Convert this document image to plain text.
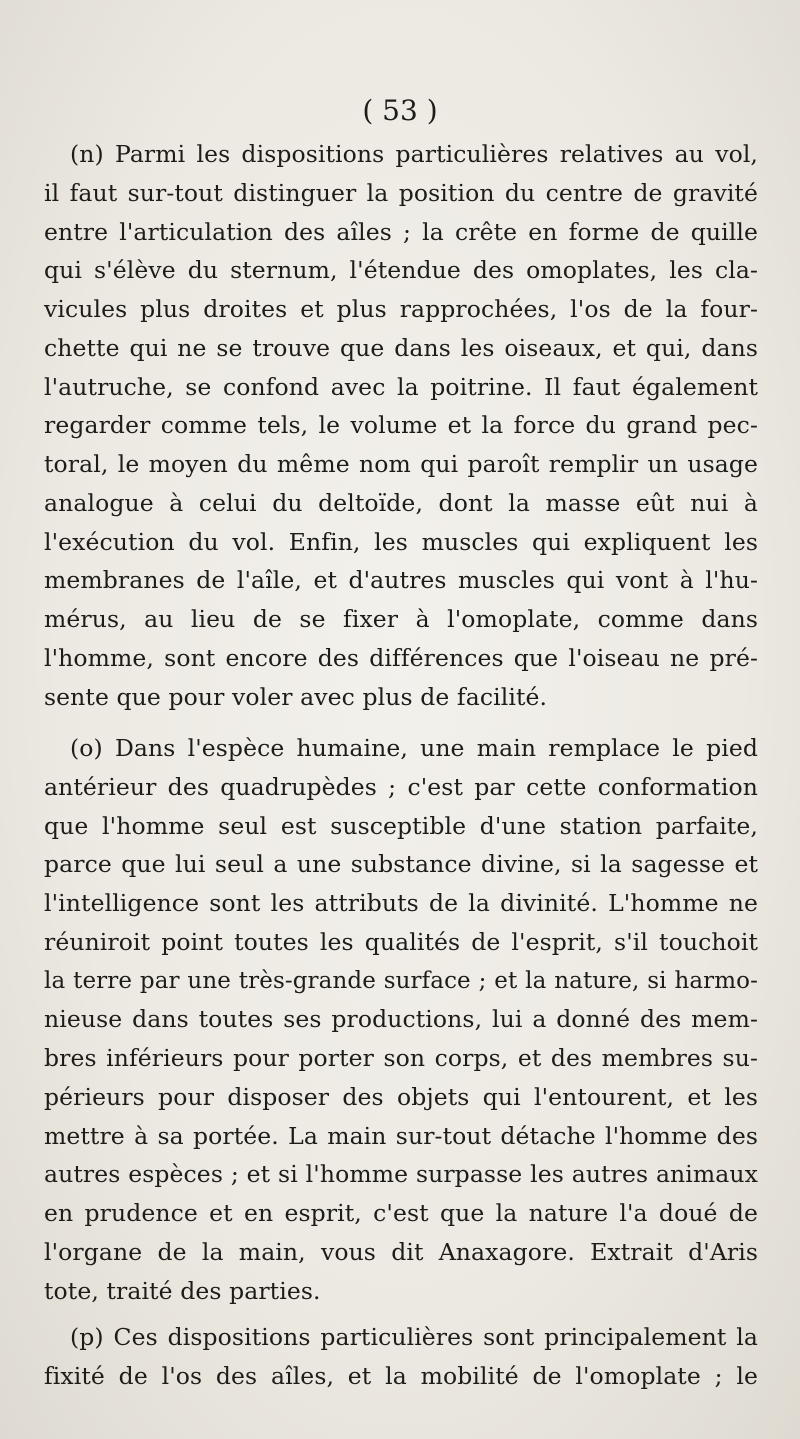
( 53 )
(n) Parmi les dispositions particulières relatives au vol,
il faut sur-tout distinguer la position du centre de gravité
entre l'articulation des aîles ; la crête en forme de quille
qui s'élève du sternum, l'étendue des omoplates, les cla-
vicules plus droites et plus rapprochées, l'os de la four-
chette qui ne se trouve que dans les oiseaux, et qui, dans
l'autruche, se confond avec la poitrine. Il faut également
regarder comme tels, le volume et la force du grand pec-
toral, le moyen du même nom qui paroît remplir un usage
analogue à celui du deltoïde, dont la masse eût nui à
l'exécution du vol. Enfin, les muscles qui expliquent les
membranes de l'aîle, et d'autres muscles qui vont à l'hu-
mérus, au lieu de se fixer à l'omoplate, comme dans
l'homme, sont encore des différences que l'oiseau ne pré-
sente que pour voler avec plus de facilité.
(o) Dans l'espèce humaine, une main remplace le pied
antérieur des quadrupèdes ; c'est par cette conformation
que l'homme seul est susceptible d'une station parfaite,
parce que lui seul a une substance divine, si la sagesse et
l'intelligence sont les attributs de la divinité. L'homme ne
réuniroit point toutes les qualités de l'esprit, s'il touchoit
la terre par une très-grande surface ; et la nature, si harmo-
nieuse dans toutes ses productions, lui a donné des mem-
bres inférieurs pour porter son corps, et des membres su-
périeurs pour disposer des objets qui l'entourent, et les
mettre à sa portée. La main sur-tout détache l'homme des
autres espèces ; et si l'homme surpasse les autres animaux
en prudence et en esprit, c'est que la nature l'a doué de
l'organe de la main, vous dit Anaxagore. Extrait d'Aris
tote, traité des parties.
(p) Ces dispositions particulières sont principalement la
fixité de l'os des aîles, et la mobilité de l'omoplate ; le
